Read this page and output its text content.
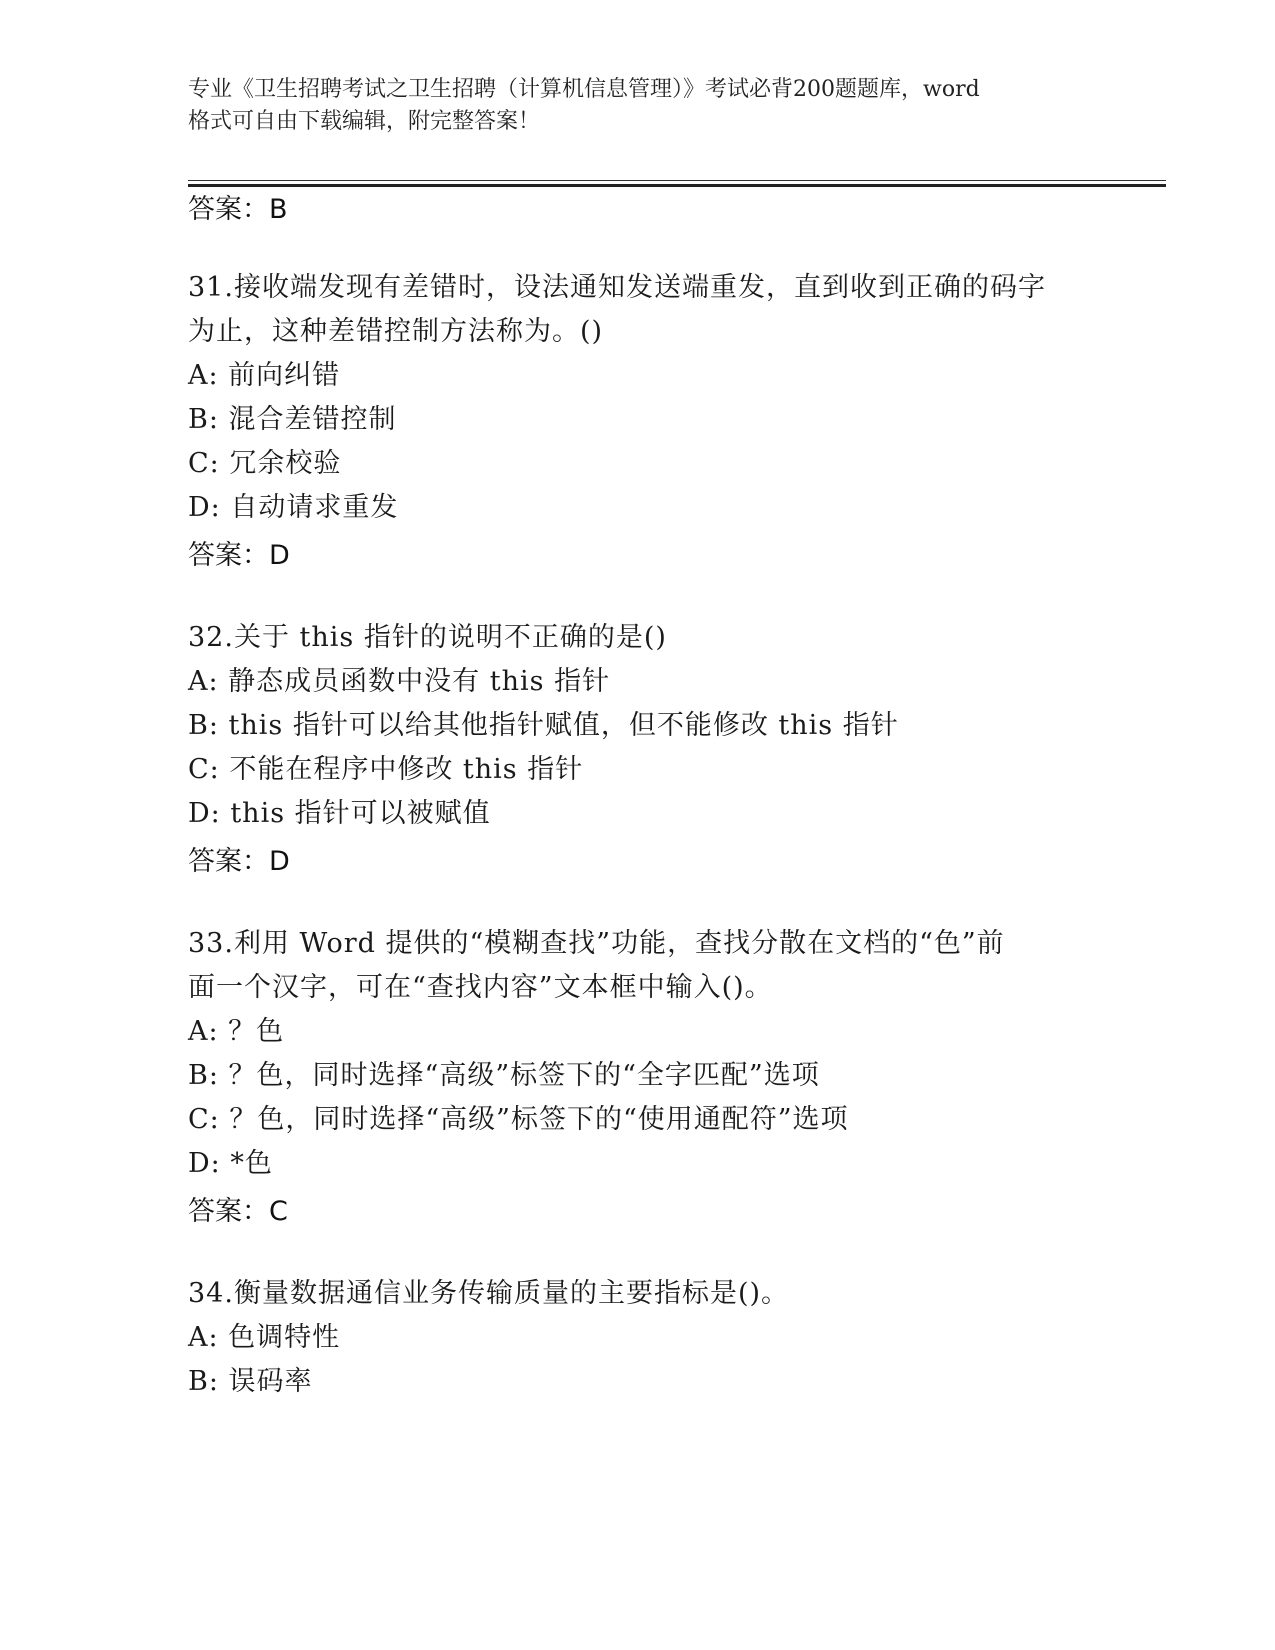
专业《卫生招聘考试之卫生招聘（计算机信息管理）》考试必背200题题库，word
格式可自由下载编辑，附完整答案！
答案：B
31.接收端发现有差错时，设法通知发送端重发，直到收到正确的码字
为止，这种差错控制方法称为。()
A: 前向纠错
B: 混合差错控制
C: 冗余校验
D: 自动请求重发
答案：D
32.关于 this 指针的说明不正确的是()
A: 静态成员函数中没有 this 指针
B: this 指针可以给其他指针赋值，但不能修改 this 指针
C: 不能在程序中修改 this 指针
D: this 指针可以被赋值
答案：D
33.利用 Word 提供的“模糊查找”功能，查找分散在文档的“色”前
面一个汉字，可在“查找内容”文本框中输入()。
A: ？色
B: ？色，同时选择“高级”标签下的“全字匹配”选项
C: ？色，同时选择“高级”标签下的“使用通配符”选项
D: *色
答案：C
34.衡量数据通信业务传输质量的主要指标是()。
A: 色调特性
B: 误码率
